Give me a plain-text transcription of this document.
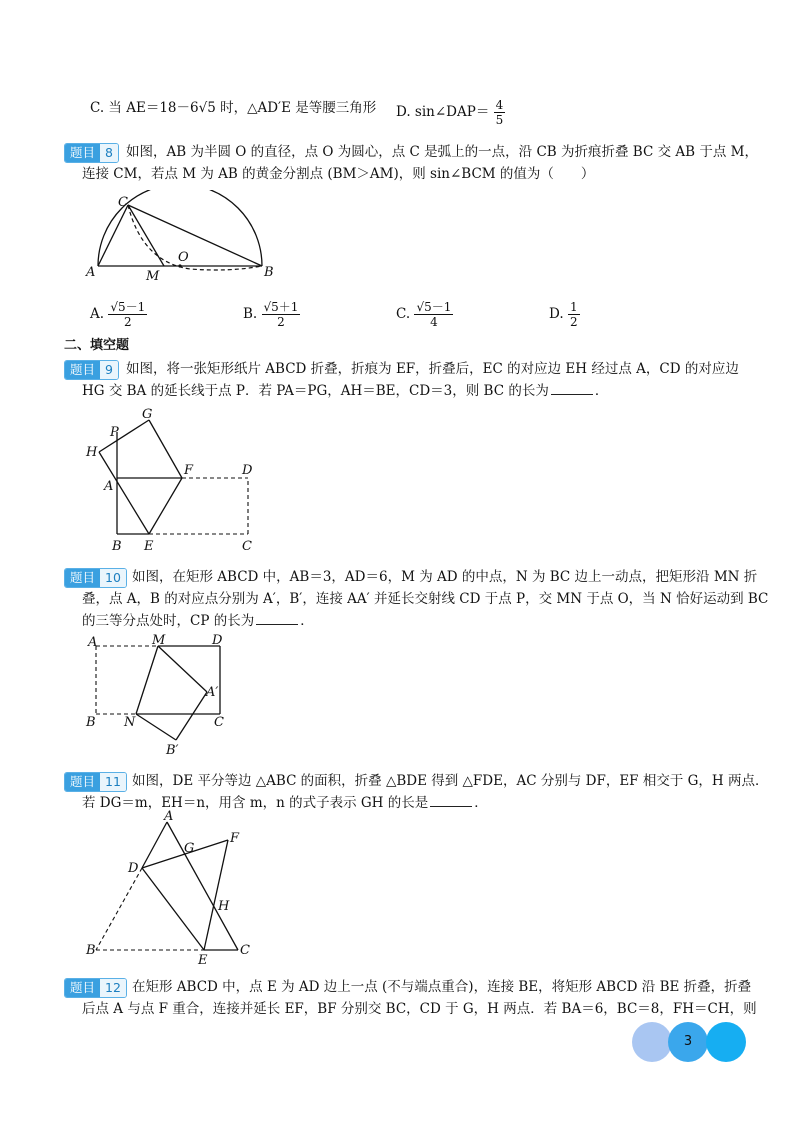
C. 当 AE＝18－6√5 时，△AD′E 是等腰三角形 D. sin∠DAP＝ $\frac{4}{5}$
题目 8 如图，AB 为半圆 O 的直径，点 O 为圆心，点 C 是弧上的一点，沿 CB 为折痕折叠 BC 交 AB 于点 M，
连接 CM，若点 M 为 AB 的黄金分割点 (BM＞AM)，则 sin∠BCM 的值为（　　）
C
O
A	M	B
A. $\frac{√5-1}{2}$	B. $\frac{√5+1}{2}$	C. $\frac{√5-1}{4}$	D. $\frac{1}{2}$
二、填空题
题目 9 如图，将一张矩形纸片 ABCD 折叠，折痕为 EF，折叠后，EC 的对应边 EH 经过点 A，CD 的对应边
HG 交 BA 的延长线于点 P．若 PA＝PG，AH＝BE，CD＝3，则 BC 的长为	．
G
P
H
A
F	D
B E	C
题目 10 如图，在矩形 ABCD 中，AB＝3，AD＝6，M 为 AD 的中点，N 为 BC 边上一动点，把矩形沿 MN 折
叠，点 A，B 的对应点分别为 A′，B′，连接 AA′ 并延长交射线 CD 于点 P，交 MN 于点 O，当 N 恰好运动到 BC
的三等分点处时，CP 的长为	．
A	M	D
A′
B N	C
B′
题目 11 如图，DE 平分等边 △ABC 的面积，折叠 △BDE 得到 △FDE，AC 分别与 DF，EF 相交于 G，H 两点．
若 DG＝m，EH＝n，用含 m，n 的式子表示 GH 的长是	．
A
F
G
D
H
B
E
C
题目 12 在矩形 ABCD 中，点 E 为 AD 边上一点 (不与端点重合)，连接 BE，将矩形 ABCD 沿 BE 折叠，折叠
后点 A 与点 F 重合，连接并延长 EF，BF 分别交 BC，CD 于 G，H 两点．若 BA＝6，BC＝8，FH＝CH，则
3
